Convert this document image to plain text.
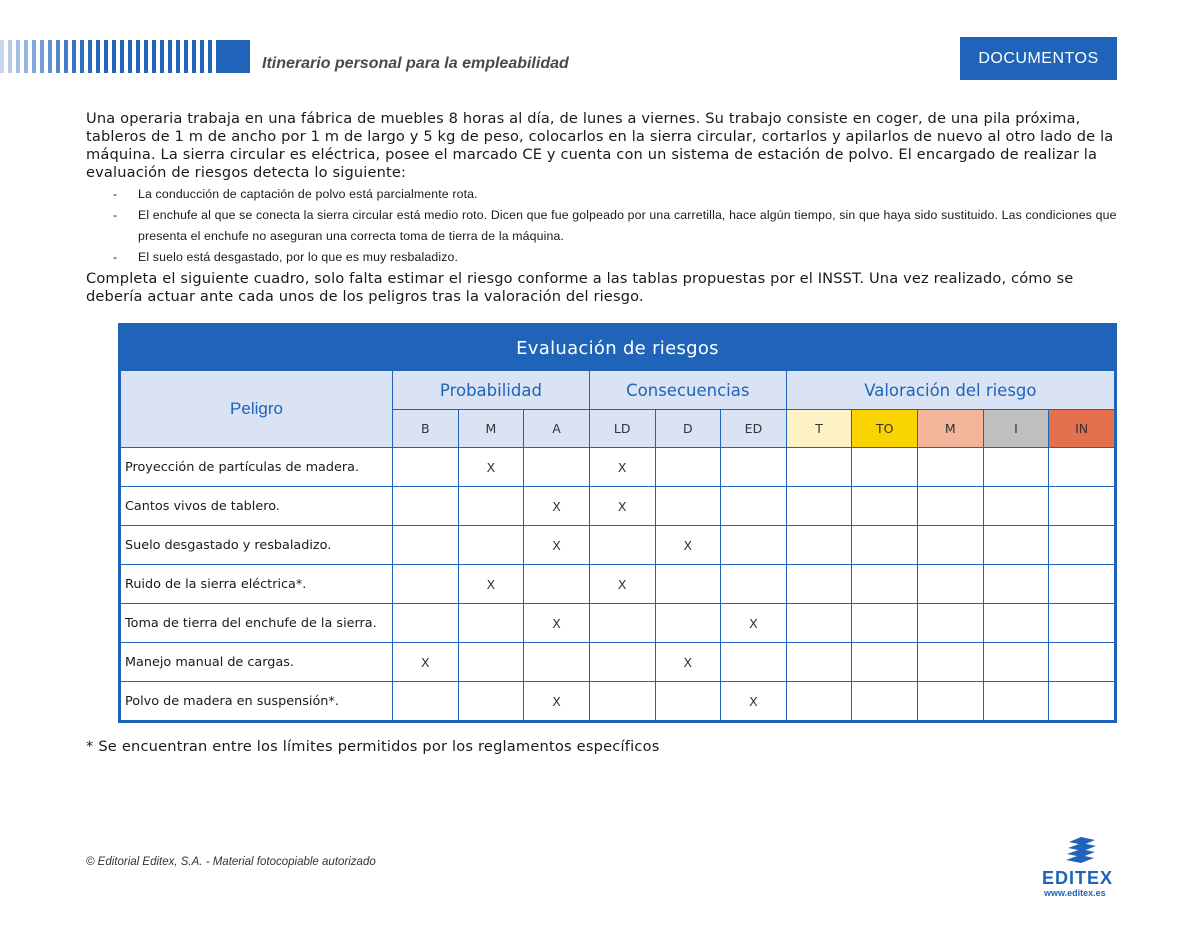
Itinerario personal para la empleabilidad	DOCUMENTOS

Una operaria trabaja en una fábrica de muebles 8 horas al día, de lunes a viernes. Su trabajo consiste en coger, de una pila próxima, tableros de 1 m de ancho por 1 m de largo y 5 kg de peso, colocarlos en la sierra circular, cortarlos y apilarlos de nuevo al otro lado de la máquina. La sierra circular es eléctrica, posee el marcado CE y cuenta con un sistema de estación de polvo. El encargado de realizar la evaluación de riesgos detecta lo siguiente:

- La conducción de captación de polvo está parcialmente rota.
- El enchufe al que se conecta la sierra circular está medio roto. Dicen que fue golpeado por una carretilla, hace algún tiempo, sin que haya sido sustituido. Las condiciones que presenta el enchufe no aseguran una correcta toma de tierra de la máquina.
- El suelo está desgastado, por lo que es muy resbaladizo.

Completa el siguiente cuadro, solo falta estimar el riesgo conforme a las tablas propuestas por el INSST. Una vez realizado, cómo se debería actuar ante cada unos de los peligros tras la valoración del riesgo.

Evaluación de riesgos											
Peligro	Probabilidad			Consecuencias			Valoración del riesgo				
	B	M	A	LD	D	ED	T	TO	M	I	IN
Proyección de partículas de madera.		X		X							
Cantos vivos de tablero.			X	X							
Suelo desgastado y resbaladizo.			X		X						
Ruido de la sierra eléctrica*.		X		X							
Toma de tierra del enchufe de la sierra.			X			X					
Manejo manual de cargas.	X				X						
Polvo de madera en suspensión*.			X			X					
* Se encuentran entre los límites permitidos por los reglamentos específicos
© Editorial Editex, S.A. - Material fotocopiable autorizado
EDITEX
www.editex.es
